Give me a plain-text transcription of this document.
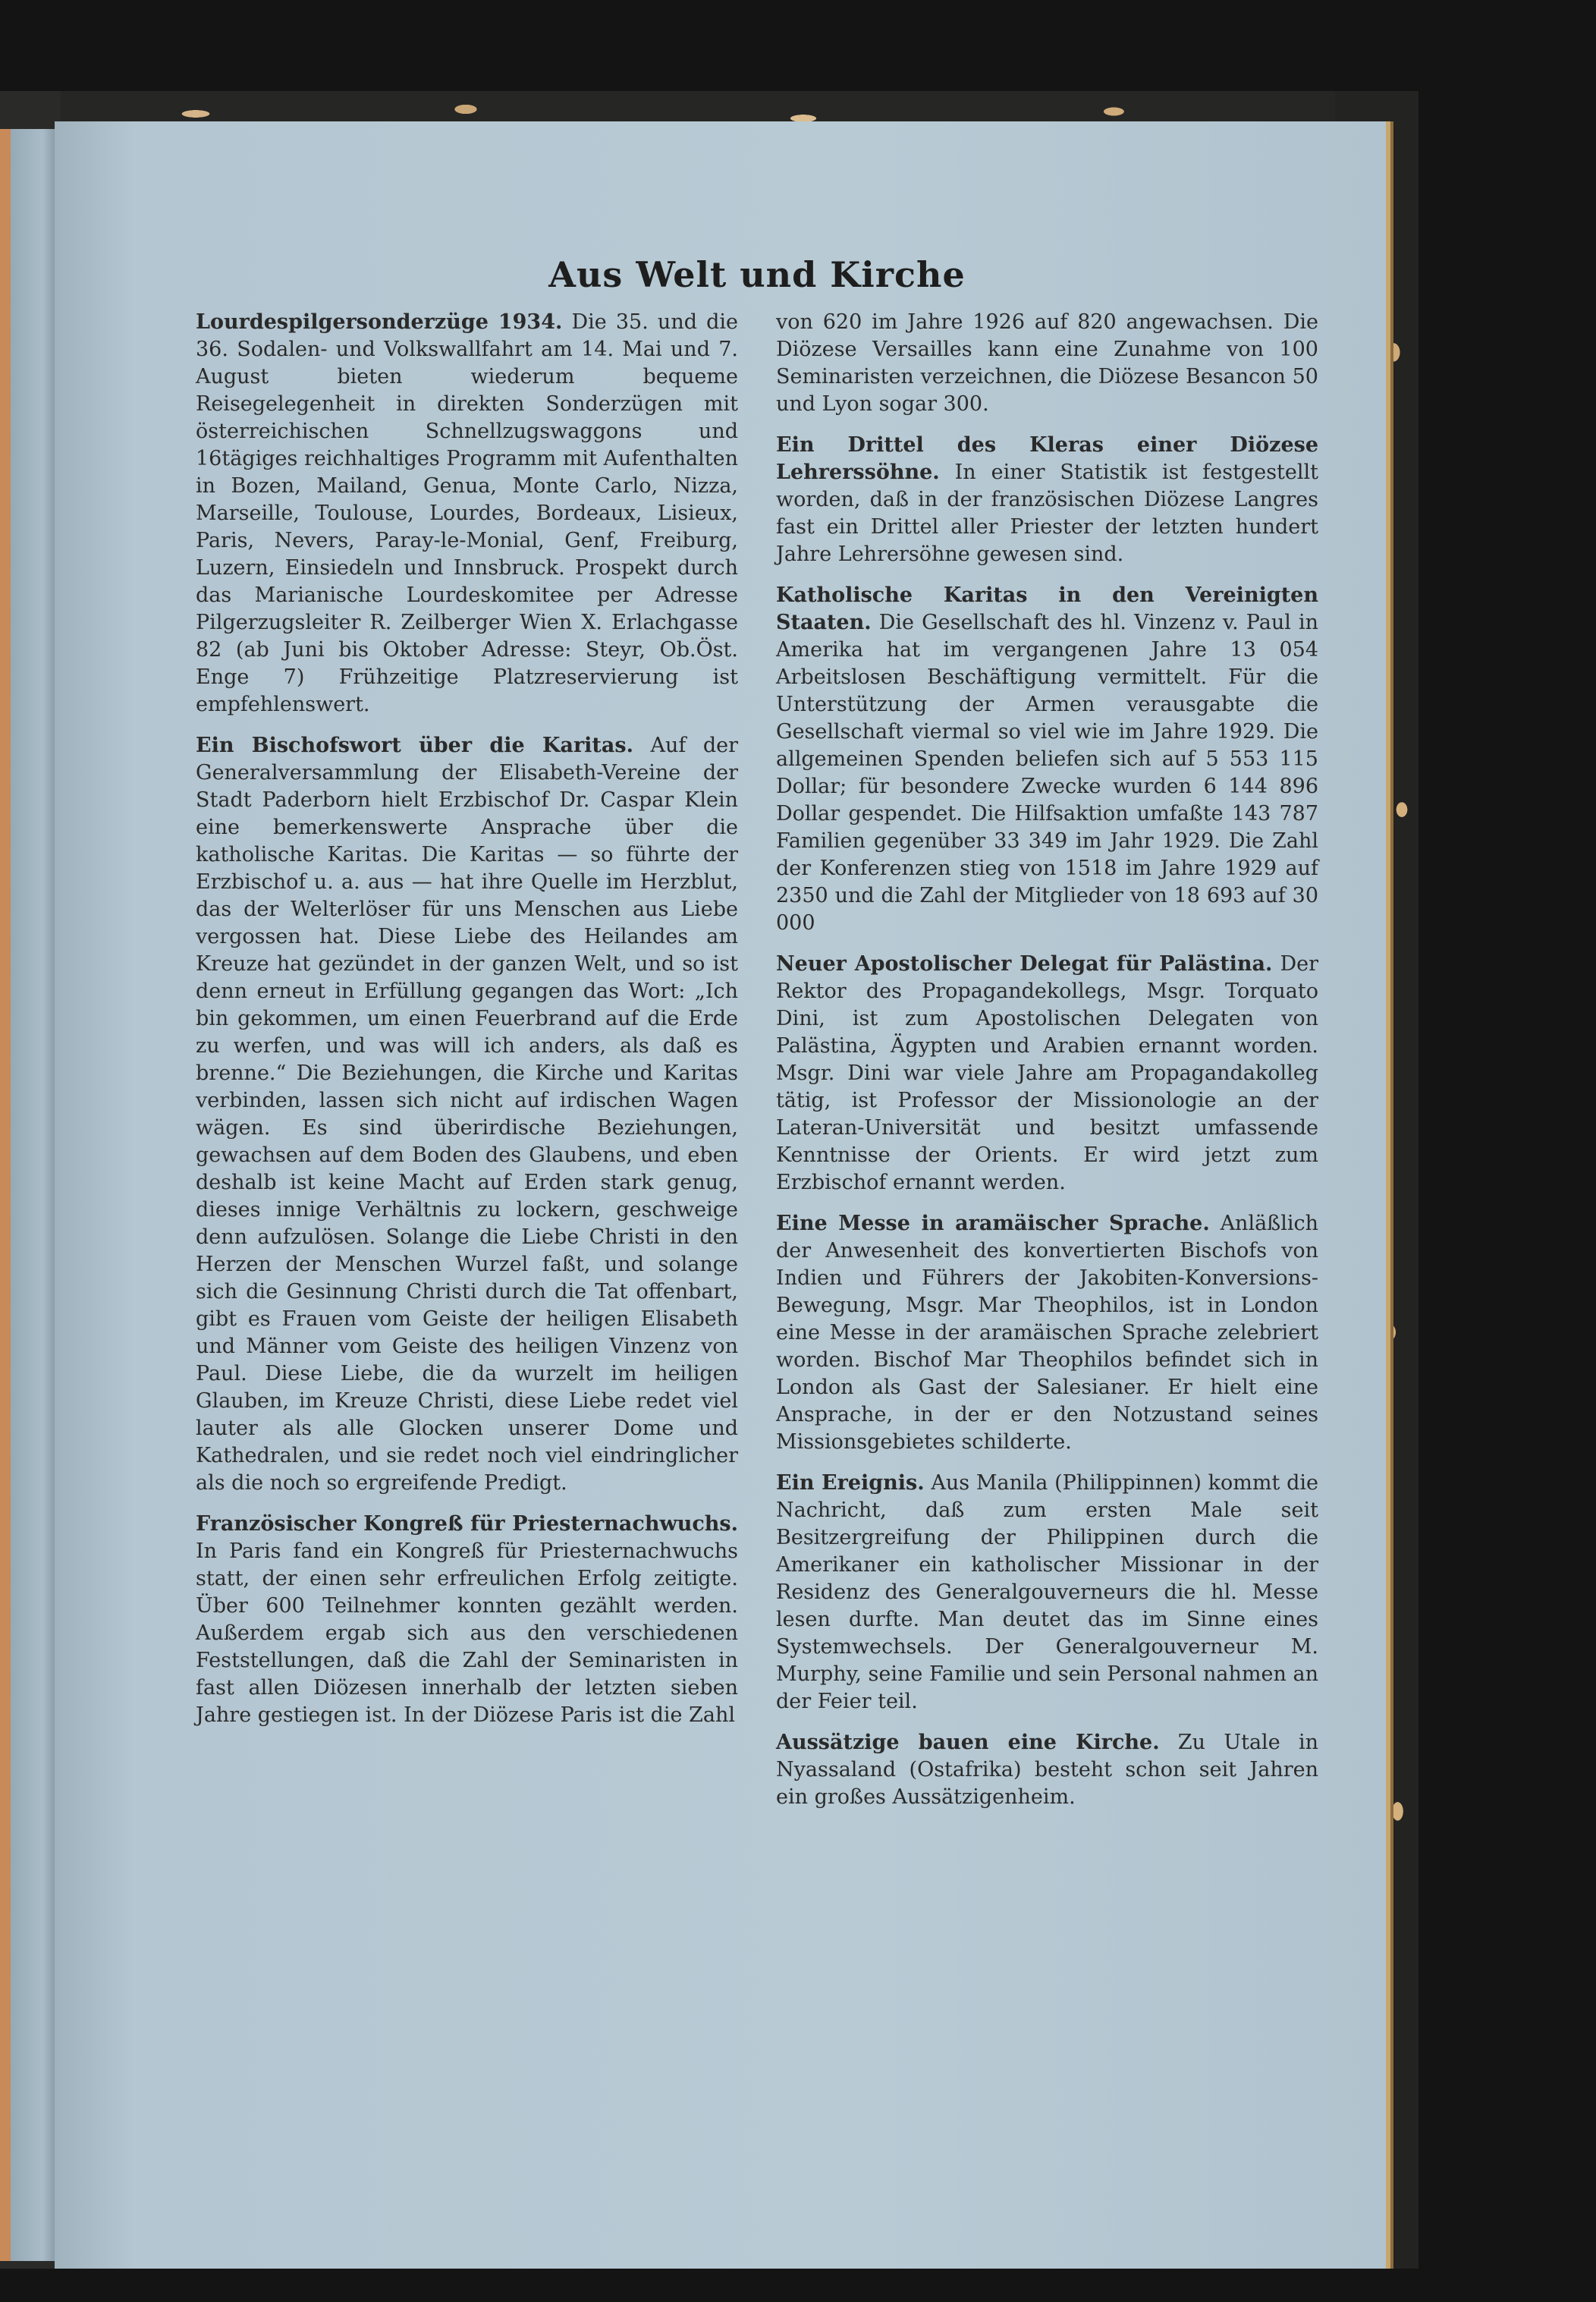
Aus Welt und Kirche

Lourdespilgersonderzüge 1934. Die 35. und die 36. Sodalen- und Volkswallfahrt am 14. Mai und 7. August bieten wiederum bequeme Reisegelegenheit in direkten Sonderzügen mit österreichischen Schnellzugswaggons und 16tägiges reichhaltiges Programm mit Aufenthalten in Bozen, Mailand, Genua, Monte Carlo, Nizza, Marseille, Toulouse, Lourdes, Bordeaux, Lisieux, Paris, Nevers, Paray-le-Monial, Genf, Freiburg, Luzern, Einsiedeln und Innsbruck. Prospekt durch das Marianische Lourdeskomitee per Adresse Pilgerzugsleiter R. Zeilberger Wien X. Erlachgasse 82 (ab Juni bis Oktober Adresse: Steyr, Ob.Öst. Enge 7) Frühzeitige Platzreservierung ist empfehlenswert.

Ein Bischofswort über die Karitas. Auf der Generalversammlung der Elisabeth-Vereine der Stadt Paderborn hielt Erzbischof Dr. Caspar Klein eine bemerkenswerte Ansprache über die katholische Karitas. Die Karitas — so führte der Erzbischof u. a. aus — hat ihre Quelle im Herzblut, das der Welterlöser für uns Menschen aus Liebe vergossen hat. Diese Liebe des Heilandes am Kreuze hat gezündet in der ganzen Welt, und so ist denn erneut in Erfüllung gegangen das Wort: „Ich bin gekommen, um einen Feuerbrand auf die Erde zu werfen, und was will ich anders, als daß es brenne.“ Die Beziehungen, die Kirche und Karitas verbinden, lassen sich nicht auf irdischen Wagen wägen. Es sind überirdische Beziehungen, gewachsen auf dem Boden des Glaubens, und eben deshalb ist keine Macht auf Erden stark genug, dieses innige Verhältnis zu lockern, geschweige denn aufzulösen. Solange die Liebe Christi in den Herzen der Menschen Wurzel faßt, und solange sich die Gesinnung Christi durch die Tat offenbart, gibt es Frauen vom Geiste der heiligen Elisabeth und Männer vom Geiste des heiligen Vinzenz von Paul. Diese Liebe, die da wurzelt im heiligen Glauben, im Kreuze Christi, diese Liebe redet viel lauter als alle Glocken unserer Dome und Kathedralen, und sie redet noch viel eindringlicher als die noch so ergreifende Predigt.

Französischer Kongreß für Priesternachwuchs. In Paris fand ein Kongreß für Priesternachwuchs statt, der einen sehr erfreulichen Erfolg zeitigte. Über 600 Teilnehmer konnten gezählt werden. Außerdem ergab sich aus den verschiedenen Feststellungen, daß die Zahl der Seminaristen in fast allen Diözesen innerhalb der letzten sieben Jahre gestiegen ist. In der Diözese Paris ist die Zahl

von 620 im Jahre 1926 auf 820 angewachsen. Die Diözese Versailles kann eine Zunahme von 100 Seminaristen verzeichnen, die Diözese Besancon 50 und Lyon sogar 300.

Ein Drittel des Kleras einer Diözese Lehrerssöhne. In einer Statistik ist festgestellt worden, daß in der französischen Diözese Langres fast ein Drittel aller Priester der letzten hundert Jahre Lehrersöhne gewesen sind.

Katholische Karitas in den Vereinigten Staaten. Die Gesellschaft des hl. Vinzenz v. Paul in Amerika hat im vergangenen Jahre 13 054 Arbeitslosen Beschäftigung vermittelt. Für die Unterstützung der Armen verausgabte die Gesellschaft viermal so viel wie im Jahre 1929. Die allgemeinen Spenden beliefen sich auf 5 553 115 Dollar; für besondere Zwecke wurden 6 144 896 Dollar gespendet. Die Hilfsaktion umfaßte 143 787 Familien gegenüber 33 349 im Jahr 1929. Die Zahl der Konferenzen stieg von 1518 im Jahre 1929 auf 2350 und die Zahl der Mitglieder von 18 693 auf 30 000

Neuer Apostolischer Delegat für Palästina. Der Rektor des Propagandekollegs, Msgr. Torquato Dini, ist zum Apostolischen Delegaten von Palästina, Ägypten und Arabien ernannt worden. Msgr. Dini war viele Jahre am Propagandakolleg tätig, ist Professor der Missionologie an der Lateran-Universität und besitzt umfassende Kenntnisse der Orients. Er wird jetzt zum Erzbischof ernannt werden.

Eine Messe in aramäischer Sprache. Anläßlich der Anwesenheit des konvertierten Bischofs von Indien und Führers der Jakobiten-Konversions-Bewegung, Msgr. Mar Theophilos, ist in London eine Messe in der aramäischen Sprache zelebriert worden. Bischof Mar Theophilos befindet sich in London als Gast der Salesianer. Er hielt eine Ansprache, in der er den Notzustand seines Missionsgebietes schilderte.

Ein Ereignis. Aus Manila (Philippinnen) kommt die Nachricht, daß zum ersten Male seit Besitzergreifung der Philippinen durch die Amerikaner ein katholischer Missionar in der Residenz des Generalgouverneurs die hl. Messe lesen durfte. Man deutet das im Sinne eines Systemwechsels. Der Generalgouverneur M. Murphy, seine Familie und sein Personal nahmen an der Feier teil.

Aussätzige bauen eine Kirche. Zu Utale in Nyassaland (Ostafrika) besteht schon seit Jahren ein großes Aussätzigenheim.
